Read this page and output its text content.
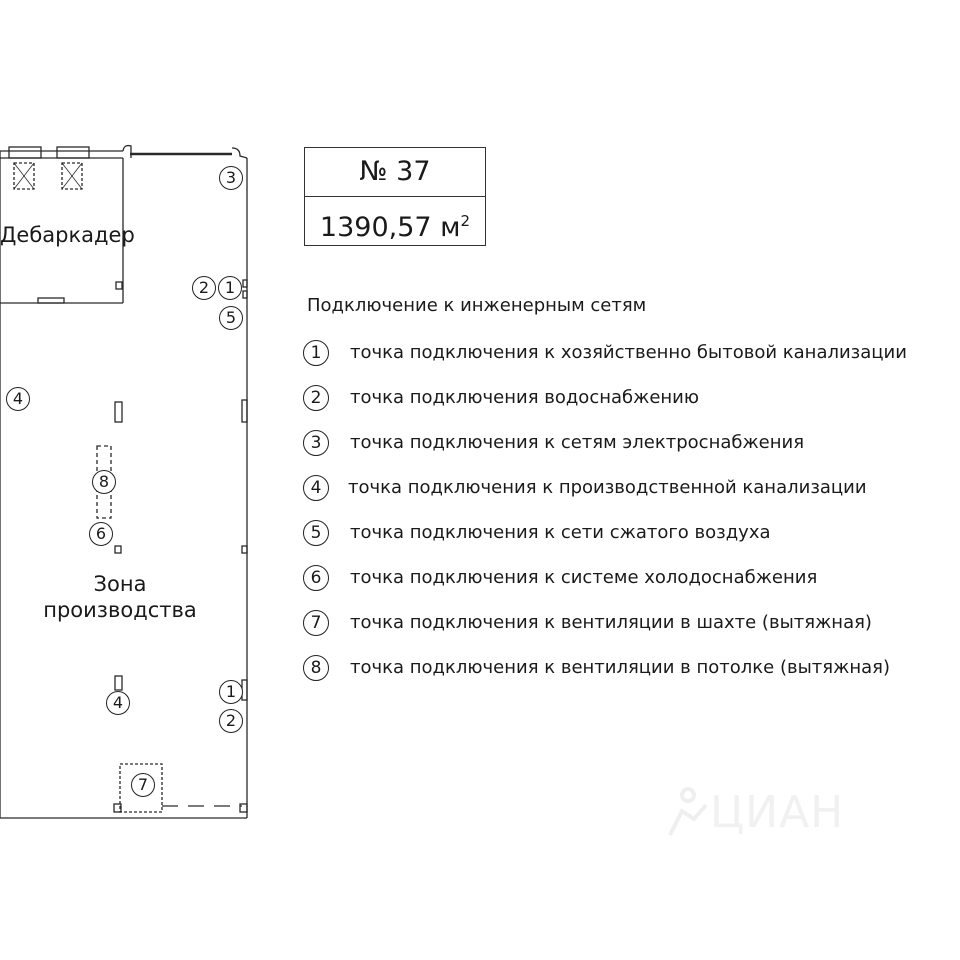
Дебаркадер
Зона
производства
3
2 1
5
4
8
6
4
1
2
7
№ 37
1390,57 $м^2$
Подключение к инженерным сетям
1	точка подключения к хозяйственно бытовой канализации
2	точка подключения водоснабжению
3	точка подключения к сетям электроснабжения
4	точка подключения к производственной канализации
5	точка подключения к сети сжатого воздуха
6	точка подключения к системе холодоснабжения
7	точка подключения к вентиляции в шахте (вытяжная)
8	точка подключения к вентиляции в потолке (вытяжная)
ЦИАН
